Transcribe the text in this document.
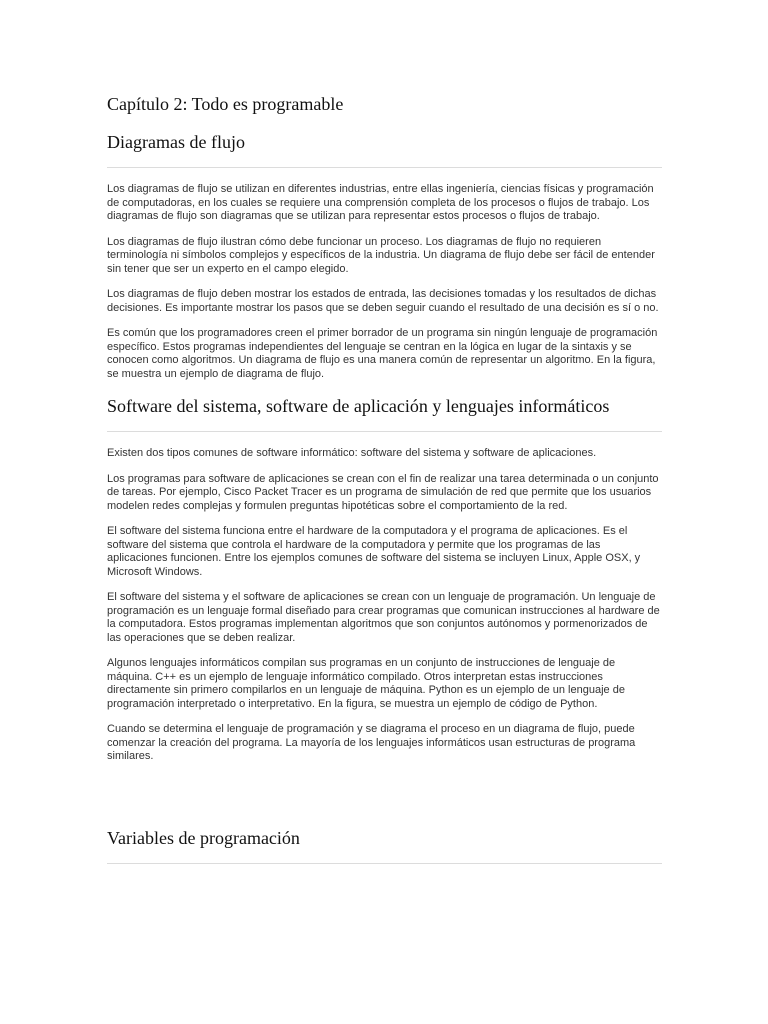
Capítulo 2: Todo es programable
Diagramas de flujo

Los diagramas de flujo se utilizan en diferentes industrias, entre ellas ingeniería, ciencias físicas y programación de computadoras, en los cuales se requiere una comprensión completa de los procesos o flujos de trabajo. Los diagramas de flujo son diagramas que se utilizan para representar estos procesos o flujos de trabajo.

Los diagramas de flujo ilustran cómo debe funcionar un proceso. Los diagramas de flujo no requieren terminología ni símbolos complejos y específicos de la industria. Un diagrama de flujo debe ser fácil de entender sin tener que ser un experto en el campo elegido.

Los diagramas de flujo deben mostrar los estados de entrada, las decisiones tomadas y los resultados de dichas decisiones. Es importante mostrar los pasos que se deben seguir cuando el resultado de una decisión es sí o no.

Es común que los programadores creen el primer borrador de un programa sin ningún lenguaje de programación específico. Estos programas independientes del lenguaje se centran en la lógica en lugar de la sintaxis y se conocen como algoritmos. Un diagrama de flujo es una manera común de representar un algoritmo. En la figura, se muestra un ejemplo de diagrama de flujo.

Software del sistema, software de aplicación y lenguajes informáticos

Existen dos tipos comunes de software informático: software del sistema y software de aplicaciones.

Los programas para software de aplicaciones se crean con el fin de realizar una tarea determinada o un conjunto de tareas. Por ejemplo, Cisco Packet Tracer es un programa de simulación de red que permite que los usuarios modelen redes complejas y formulen preguntas hipotéticas sobre el comportamiento de la red.

El software del sistema funciona entre el hardware de la computadora y el programa de aplicaciones. Es el software del sistema que controla el hardware de la computadora y permite que los programas de las aplicaciones funcionen. Entre los ejemplos comunes de software del sistema se incluyen Linux, Apple OSX, y Microsoft Windows.

El software del sistema y el software de aplicaciones se crean con un lenguaje de programación. Un lenguaje de programación es un lenguaje formal diseñado para crear programas que comunican instrucciones al hardware de la computadora. Estos programas implementan algoritmos que son conjuntos autónomos y pormenorizados de las operaciones que se deben realizar.

Algunos lenguajes informáticos compilan sus programas en un conjunto de instrucciones de lenguaje de máquina. C++ es un ejemplo de lenguaje informático compilado. Otros interpretan estas instrucciones directamente sin primero compilarlos en un lenguaje de máquina. Python es un ejemplo de un lenguaje de programación interpretado o interpretativo. En la figura, se muestra un ejemplo de código de Python.

Cuando se determina el lenguaje de programación y se diagrama el proceso en un diagrama de flujo, puede comenzar la creación del programa. La mayoría de los lenguajes informáticos usan estructuras de programa similares.

Variables de programación
